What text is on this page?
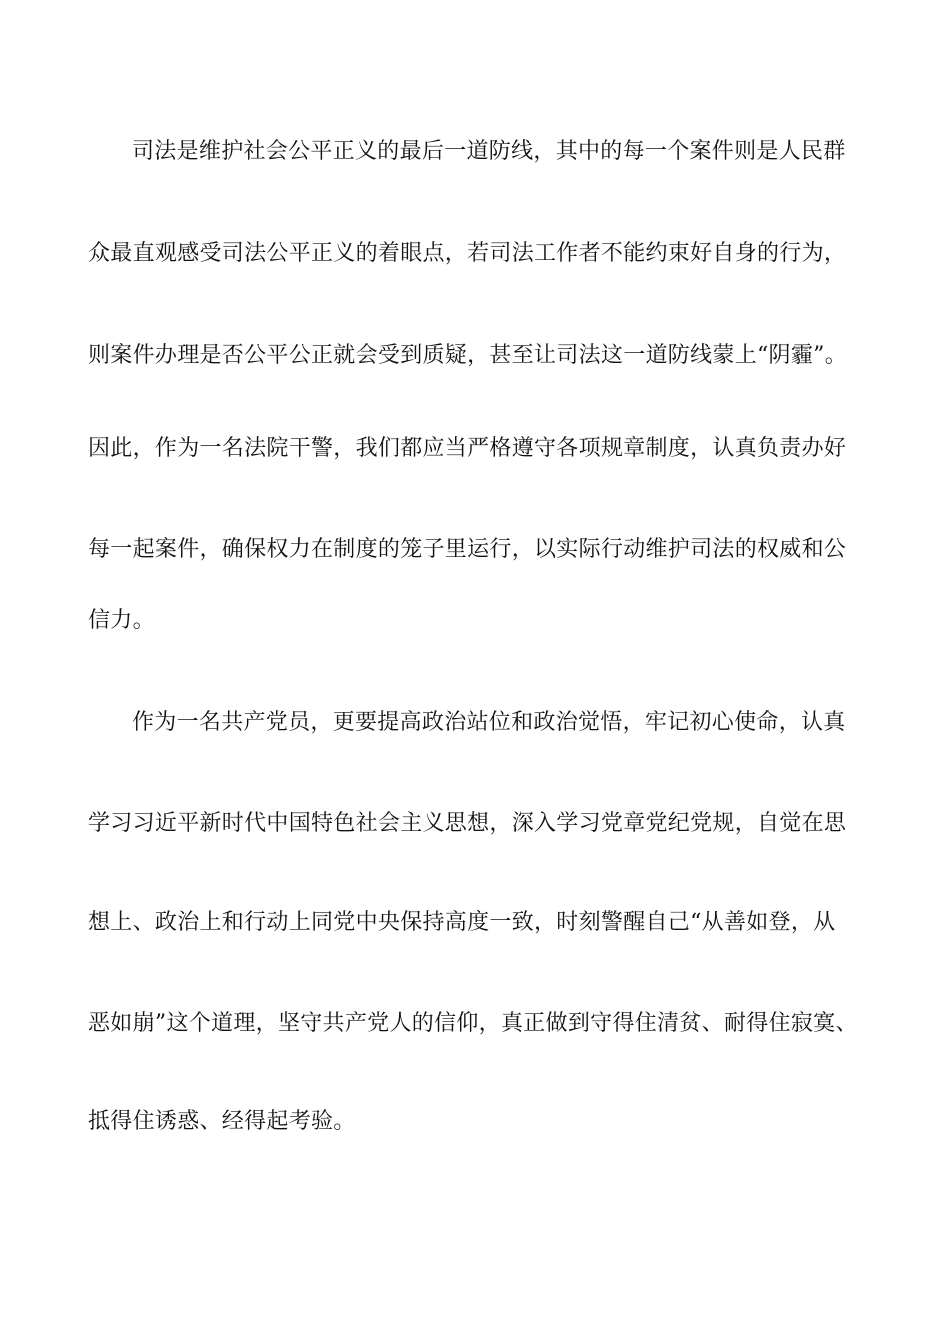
司法是维护社会公平正义的最后一道防线，其中的每一个案件则是人民群
众最直观感受司法公平正义的着眼点，若司法工作者不能约束好自身的行为，
则案件办理是否公平公正就会受到质疑，甚至让司法这一道防线蒙上“阴霾”。
因此，作为一名法院干警，我们都应当严格遵守各项规章制度，认真负责办好
每一起案件，确保权力在制度的笼子里运行，以实际行动维护司法的权威和公
信力。
作为一名共产党员，更要提高政治站位和政治觉悟，牢记初心使命，认真
学习习近平新时代中国特色社会主义思想，深入学习党章党纪党规，自觉在思
想上、政治上和行动上同党中央保持高度一致，时刻警醒自己“从善如登，从
恶如崩”这个道理，坚守共产党人的信仰，真正做到守得住清贫、耐得住寂寞、
抵得住诱惑、经得起考验。
